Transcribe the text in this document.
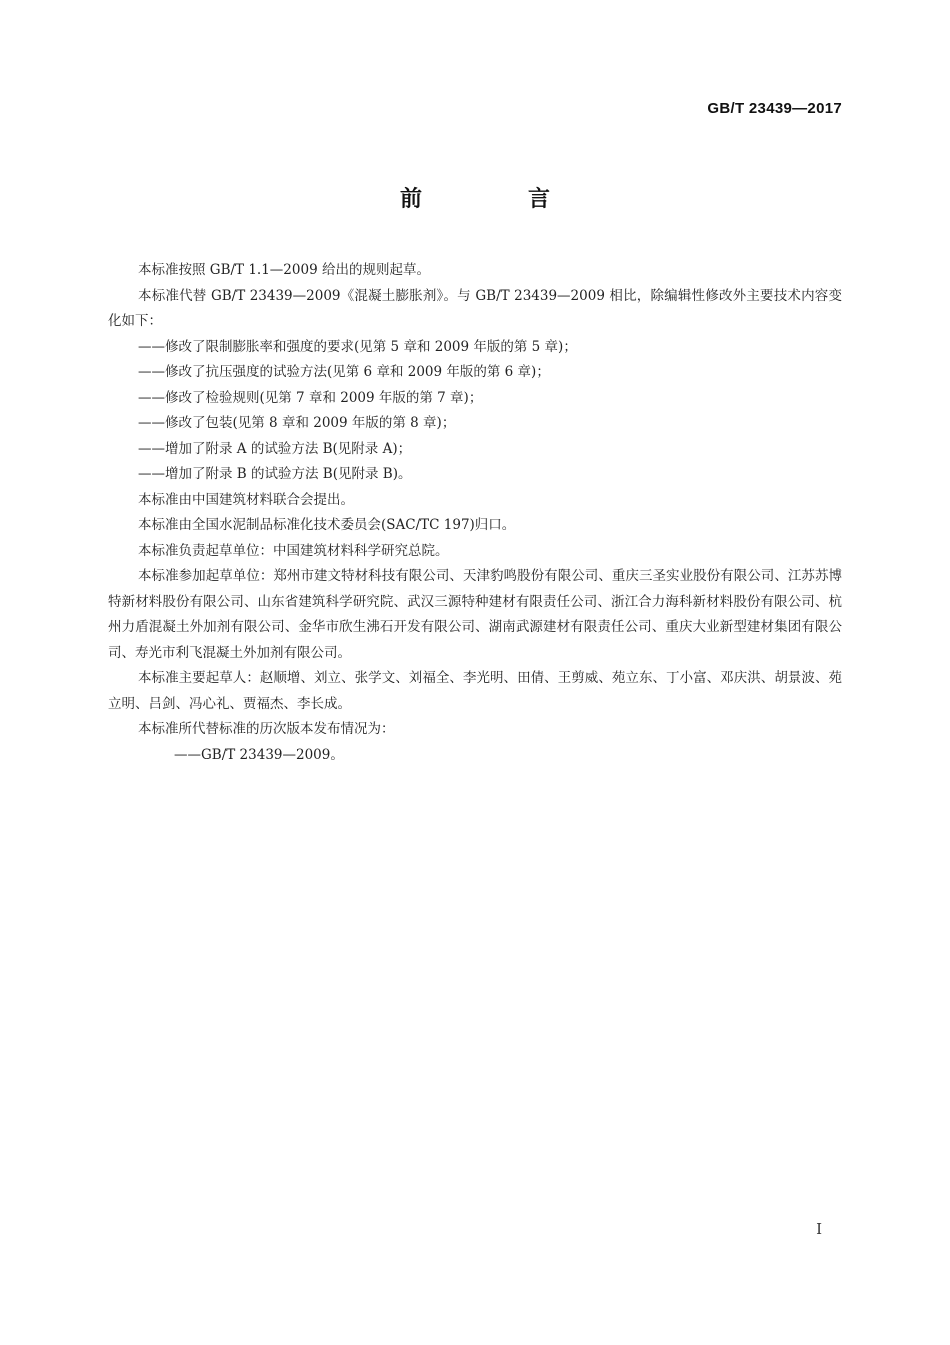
GB/T 23439—2017
前　言

本标准按照 GB/T 1.1—2009 给出的规则起草。

本标准代替 GB/T 23439—2009《混凝土膨胀剂》。与 GB/T 23439—2009 相比，除编辑性修改外主要技术内容变化如下：

——修改了限制膨胀率和强度的要求(见第 5 章和 2009 年版的第 5 章)；

——修改了抗压强度的试验方法(见第 6 章和 2009 年版的第 6 章)；

——修改了检验规则(见第 7 章和 2009 年版的第 7 章)；

——修改了包装(见第 8 章和 2009 年版的第 8 章)；

——增加了附录 A 的试验方法 B(见附录 A)；

——增加了附录 B 的试验方法 B(见附录 B)。

本标准由中国建筑材料联合会提出。

本标准由全国水泥制品标准化技术委员会(SAC/TC 197)归口。

本标准负责起草单位：中国建筑材料科学研究总院。

本标准参加起草单位：郑州市建文特材科技有限公司、天津豹鸣股份有限公司、重庆三圣实业股份有限公司、江苏苏博特新材料股份有限公司、山东省建筑科学研究院、武汉三源特种建材有限责任公司、浙江合力海科新材料股份有限公司、杭州力盾混凝土外加剂有限公司、金华市欣生沸石开发有限公司、湖南武源建材有限责任公司、重庆大业新型建材集团有限公司、寿光市利飞混凝土外加剂有限公司。

本标准主要起草人：赵顺增、刘立、张学文、刘福全、李光明、田倩、王剪威、苑立东、丁小富、邓庆洪、胡景波、苑立明、吕剑、冯心礼、贾福杰、李长成。

本标准所代替标准的历次版本发布情况为：

——GB/T 23439—2009。

I
